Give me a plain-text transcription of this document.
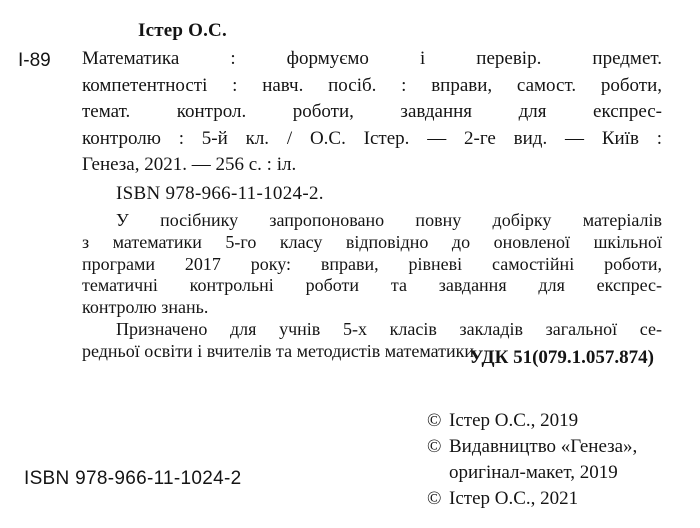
Істер О.С.
І-89 Математика : формуємо і перевір. предмет.
компетентності : навч. посіб. : вправи, самост. роботи,
темат. контрол. роботи, завдання для експрес-
контролю : 5-й кл. / О.С. Істер. — 2-ге вид. — Київ :
Генеза, 2021. — 256 с. : іл.
ISBN 978-966-11-1024-2.
У посібнику запропоновано повну добірку матеріалів
з математики 5-го класу відповідно до оновленої шкільної
програми 2017 року: вправи, рівневі самостійні роботи,
тематичні контрольні роботи та завдання для експрес-
контролю знань.
Призначено для учнів 5-х класів закладів загальної се-
редньої освіти і вчителів та методистів математики.
УДК 51(079.1.057.874)
ISBN 978-966-11-1024-2
© Істер О.С., 2019
© Видавництво «Генеза»,
оригінал-макет, 2019
© Істер О.С., 2021
